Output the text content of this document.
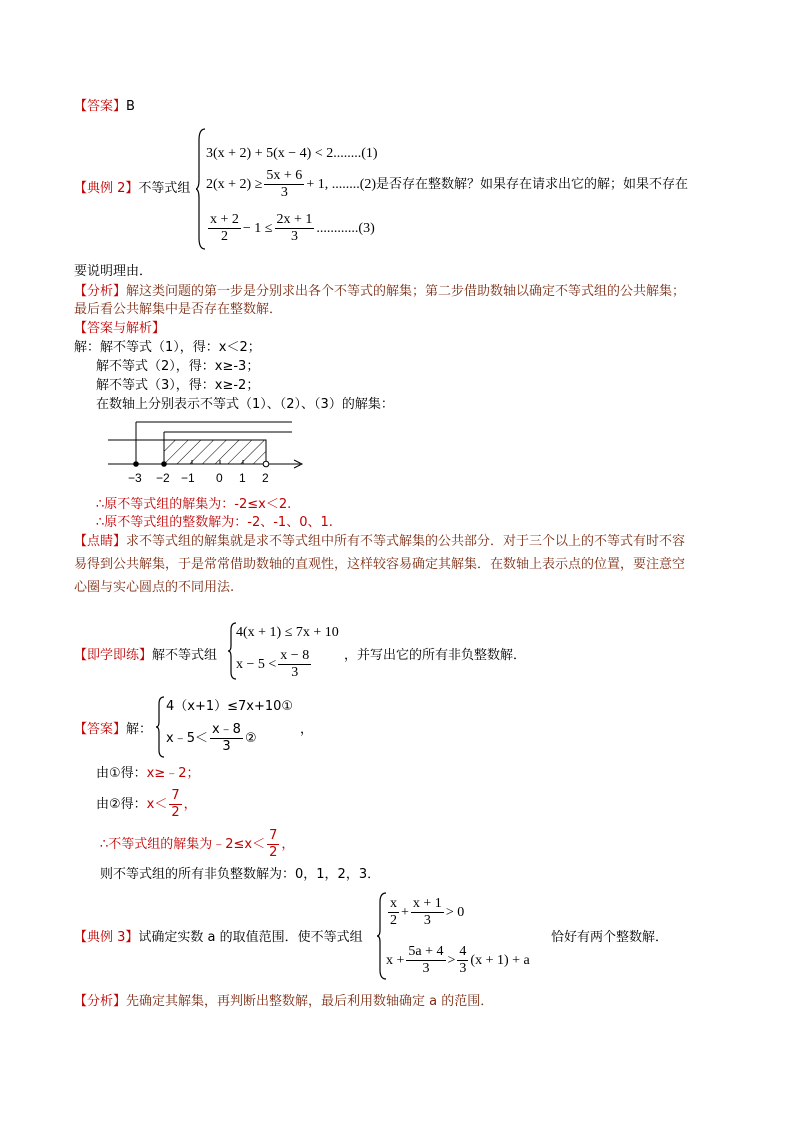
【答案】B
【典例 2】不等式组
3(x + 2) + 5(x − 4) < 2........(1)
$2(x + 2) \ge \frac{5x + 6}{3} + 1$, ........(2) 是否存在整数解？如果存在请求出它的解；如果不存在
$\frac{x + 2}{2} - 1 \le \frac{2x + 1}{3} ............(3)$
要说明理由．
【分析】解这类问题的第一步是分别求出各个不等式的解集；第二步借助数轴以确定不等式组的公共解集；
最后看公共解集中是否存在整数解．
【答案与解析】
解：解不等式（1），得：x＜2；
解不等式（2），得：x≥-3；
解不等式（3），得：x≥-2；
在数轴上分别表示不等式（1）、（2）、（3）的解集：
−3 −2 −1 0 1 2
∴原不等式组的解集为：-2≤x＜2.
∴原不等式组的整数解为：-2、-1、0、1.
【点睛】求不等式组的解集就是求不等式组中所有不等式解集的公共部分．对于三个以上的不等式有时不容
易得到公共解集，于是常常借助数轴的直观性，这样较容易确定其解集．在数轴上表示点的位置，要注意空
心圈与实心圆点的不同用法.
【即学即练】解不等式组
4(x + 1) ≤ 7x + 10
$x - 5 < \frac{x - 8}{3}$	，并写出它的所有非负整数解．
【答案】解：
4（x+1）≤7x+10①
x﹣5＜ $\frac{x﹣8}{3}$ ②
，
由①得：x≥﹣2；
由②得： $x< \frac{7}{2}$ ，
∴不等式组的解集为﹣2≤x＜ $\frac{7}{2}$ ，
则不等式组的所有非负整数解为：0，1，2，3．
【典例 3】试确定实数 a 的取值范围．使不等式组
$\frac{x}{2} + \frac{x + 1}{3} > 0$
$x + \frac{5a + 4}{3} > \frac{4}{3} (x + 1) + a$
恰好有两个整数解．
【分析】先确定其解集，再判断出整数解，最后利用数轴确定 a 的范围．
